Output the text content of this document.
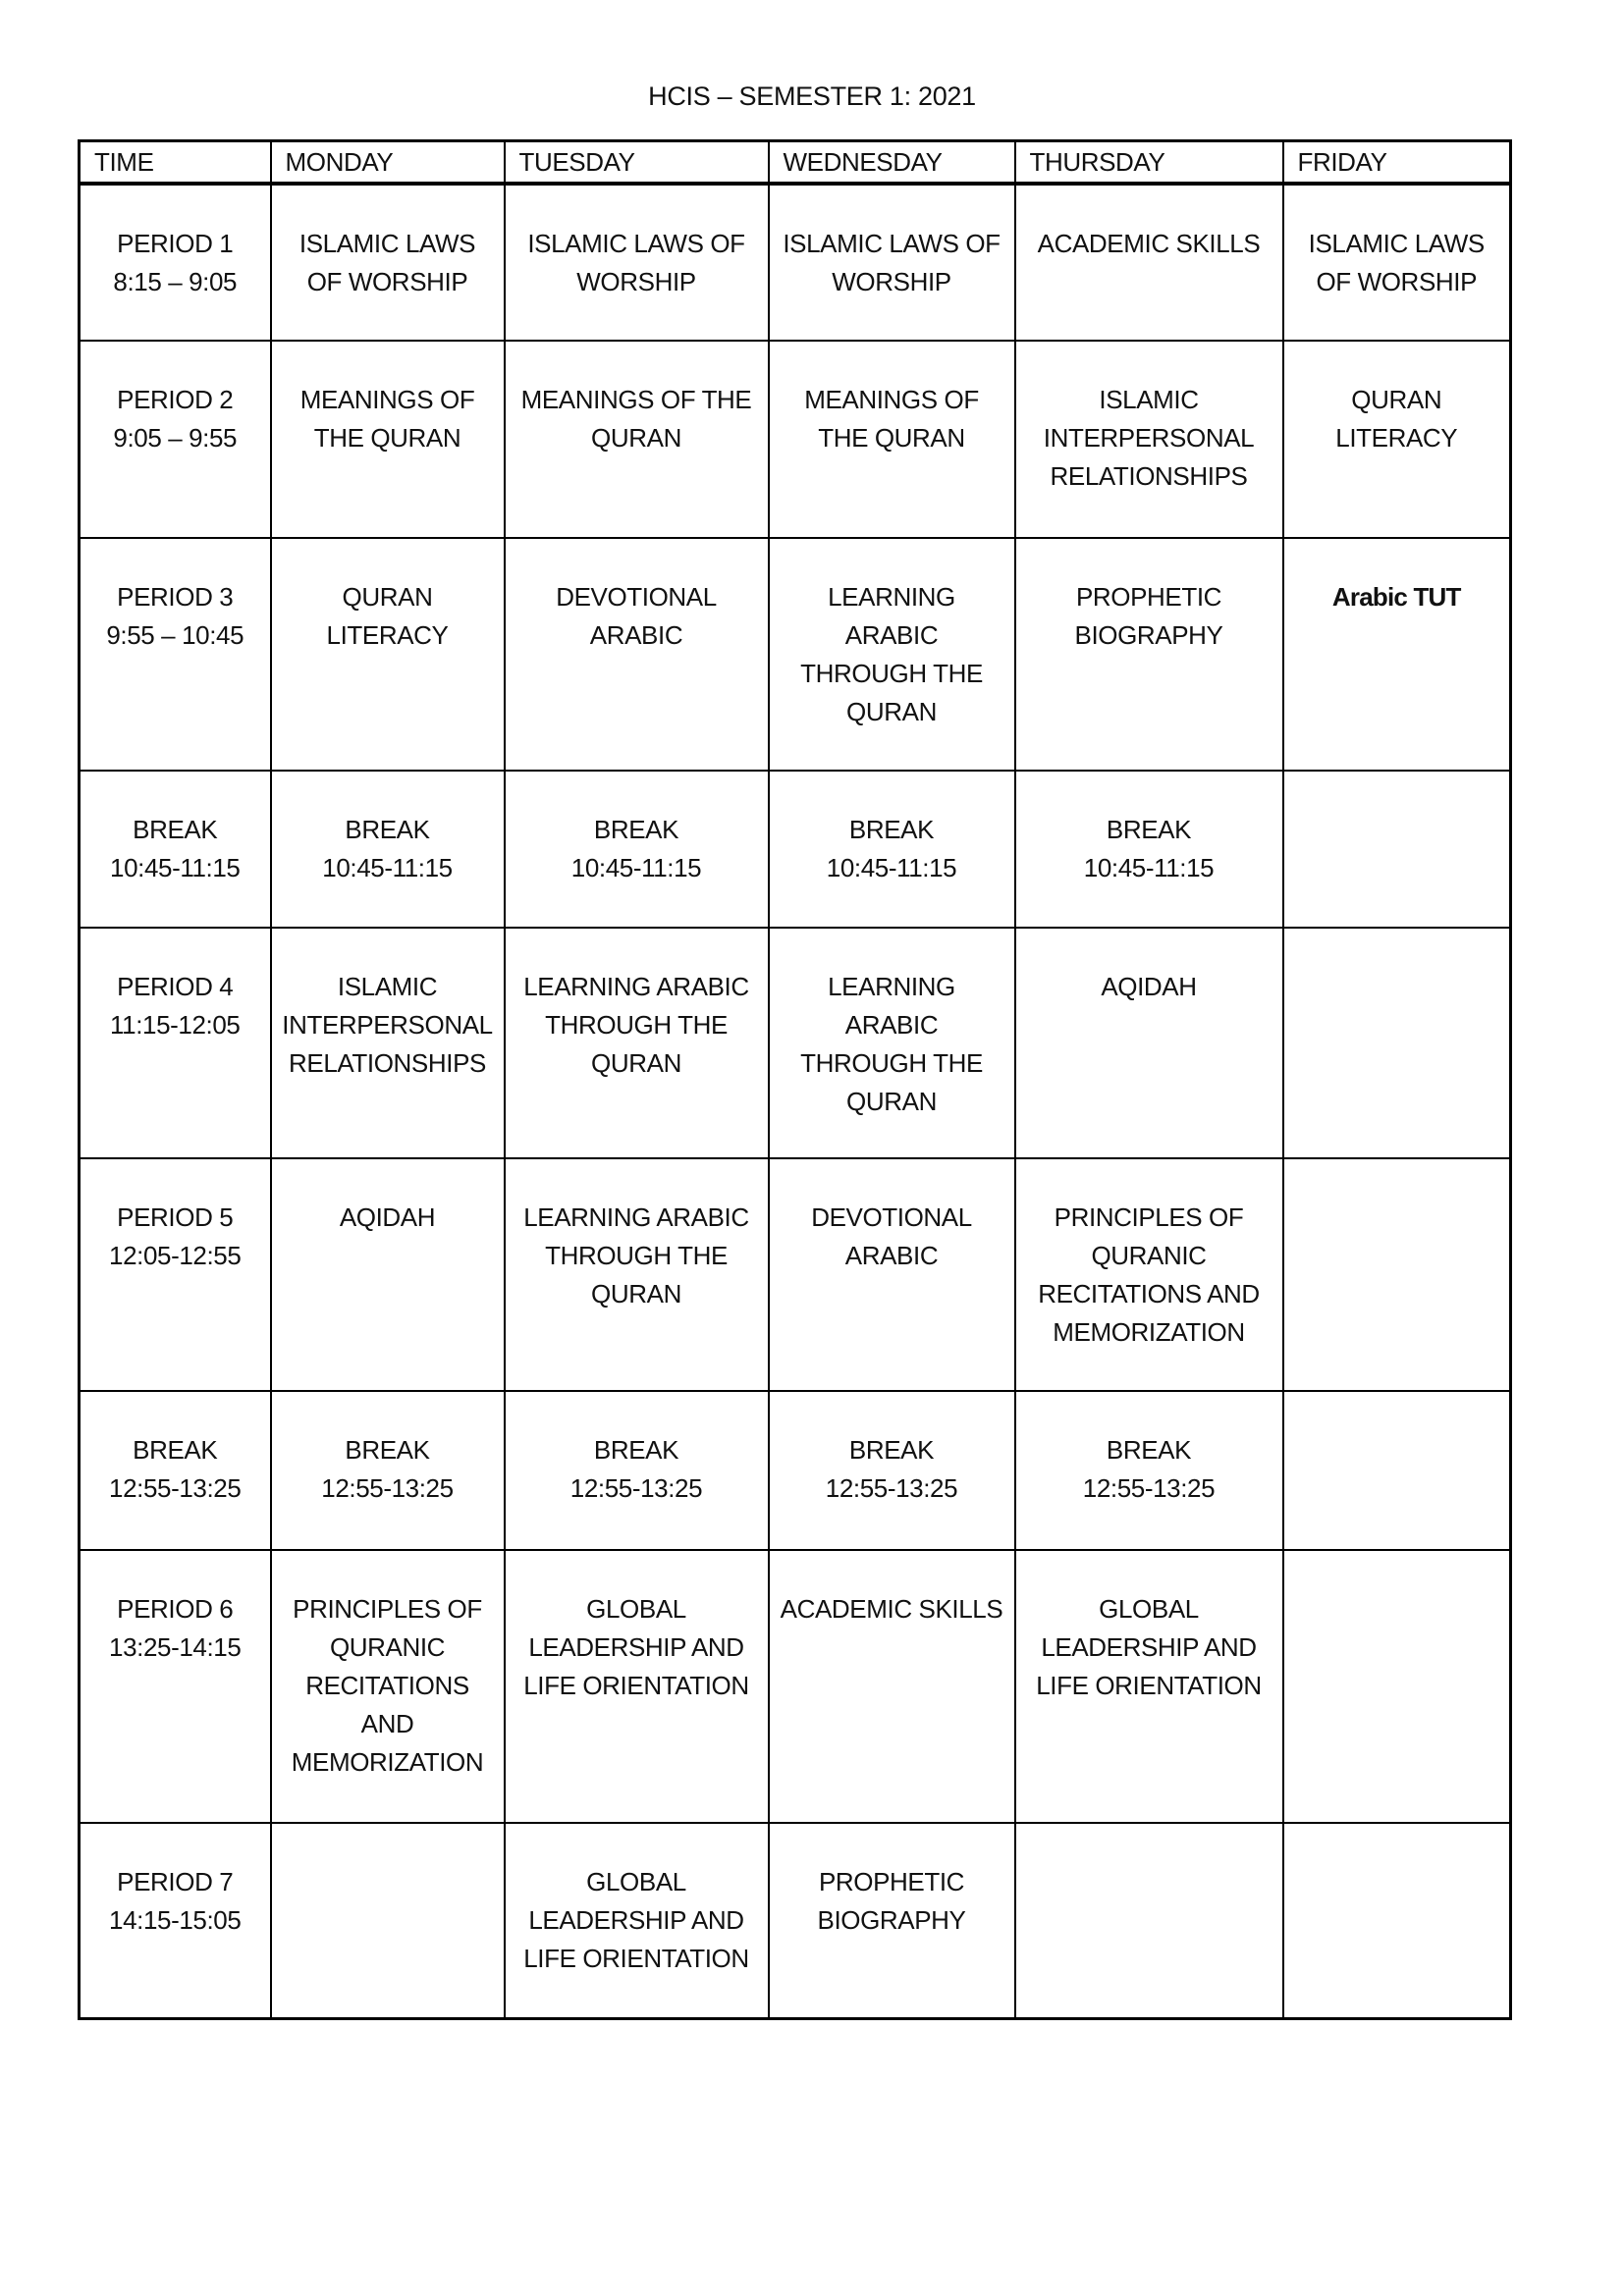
HCIS – SEMESTER 1: 2021
TIME	MONDAY	TUESDAY	WEDNESDAY	THURSDAY	FRIDAY

PERIOD 1
8:15 – 9:05	ISLAMIC LAWS
OF WORSHIP	ISLAMIC LAWS OF
WORSHIP	ISLAMIC LAWS OF
WORSHIP	ACADEMIC SKILLS	ISLAMIC LAWS
OF WORSHIP

PERIOD 2
9:05 – 9:55	MEANINGS OF
THE QURAN	MEANINGS OF THE
QURAN	MEANINGS OF
THE QURAN	ISLAMIC
INTERPERSONAL
RELATIONSHIPS	QURAN
LITERACY

PERIOD 3
9:55 – 10:45	QURAN
LITERACY	DEVOTIONAL
ARABIC	LEARNING
ARABIC
THROUGH THE
QURAN	PROPHETIC
BIOGRAPHY	Arabic TUT

BREAK
10:45-11:15	BREAK
10:45-11:15	BREAK
10:45-11:15	BREAK
10:45-11:15	BREAK
10:45-11:15	

PERIOD 4
11:15-12:05	ISLAMIC
INTERPERSONAL
RELATIONSHIPS	LEARNING ARABIC
THROUGH THE
QURAN	LEARNING
ARABIC
THROUGH THE
QURAN	AQIDAH	

PERIOD 5
12:05-12:55	AQIDAH	LEARNING ARABIC
THROUGH THE
QURAN	DEVOTIONAL
ARABIC	PRINCIPLES OF
QURANIC
RECITATIONS AND
MEMORIZATION	

BREAK
12:55-13:25	BREAK
12:55-13:25	BREAK
12:55-13:25	BREAK
12:55-13:25	BREAK
12:55-13:25	

PERIOD 6
13:25-14:15	PRINCIPLES OF
QURANIC
RECITATIONS
AND
MEMORIZATION	GLOBAL
LEADERSHIP AND
LIFE ORIENTATION	ACADEMIC SKILLS	GLOBAL
LEADERSHIP AND
LIFE ORIENTATION	

PERIOD 7
14:15-15:05		GLOBAL
LEADERSHIP AND
LIFE ORIENTATION	PROPHETIC
BIOGRAPHY		
